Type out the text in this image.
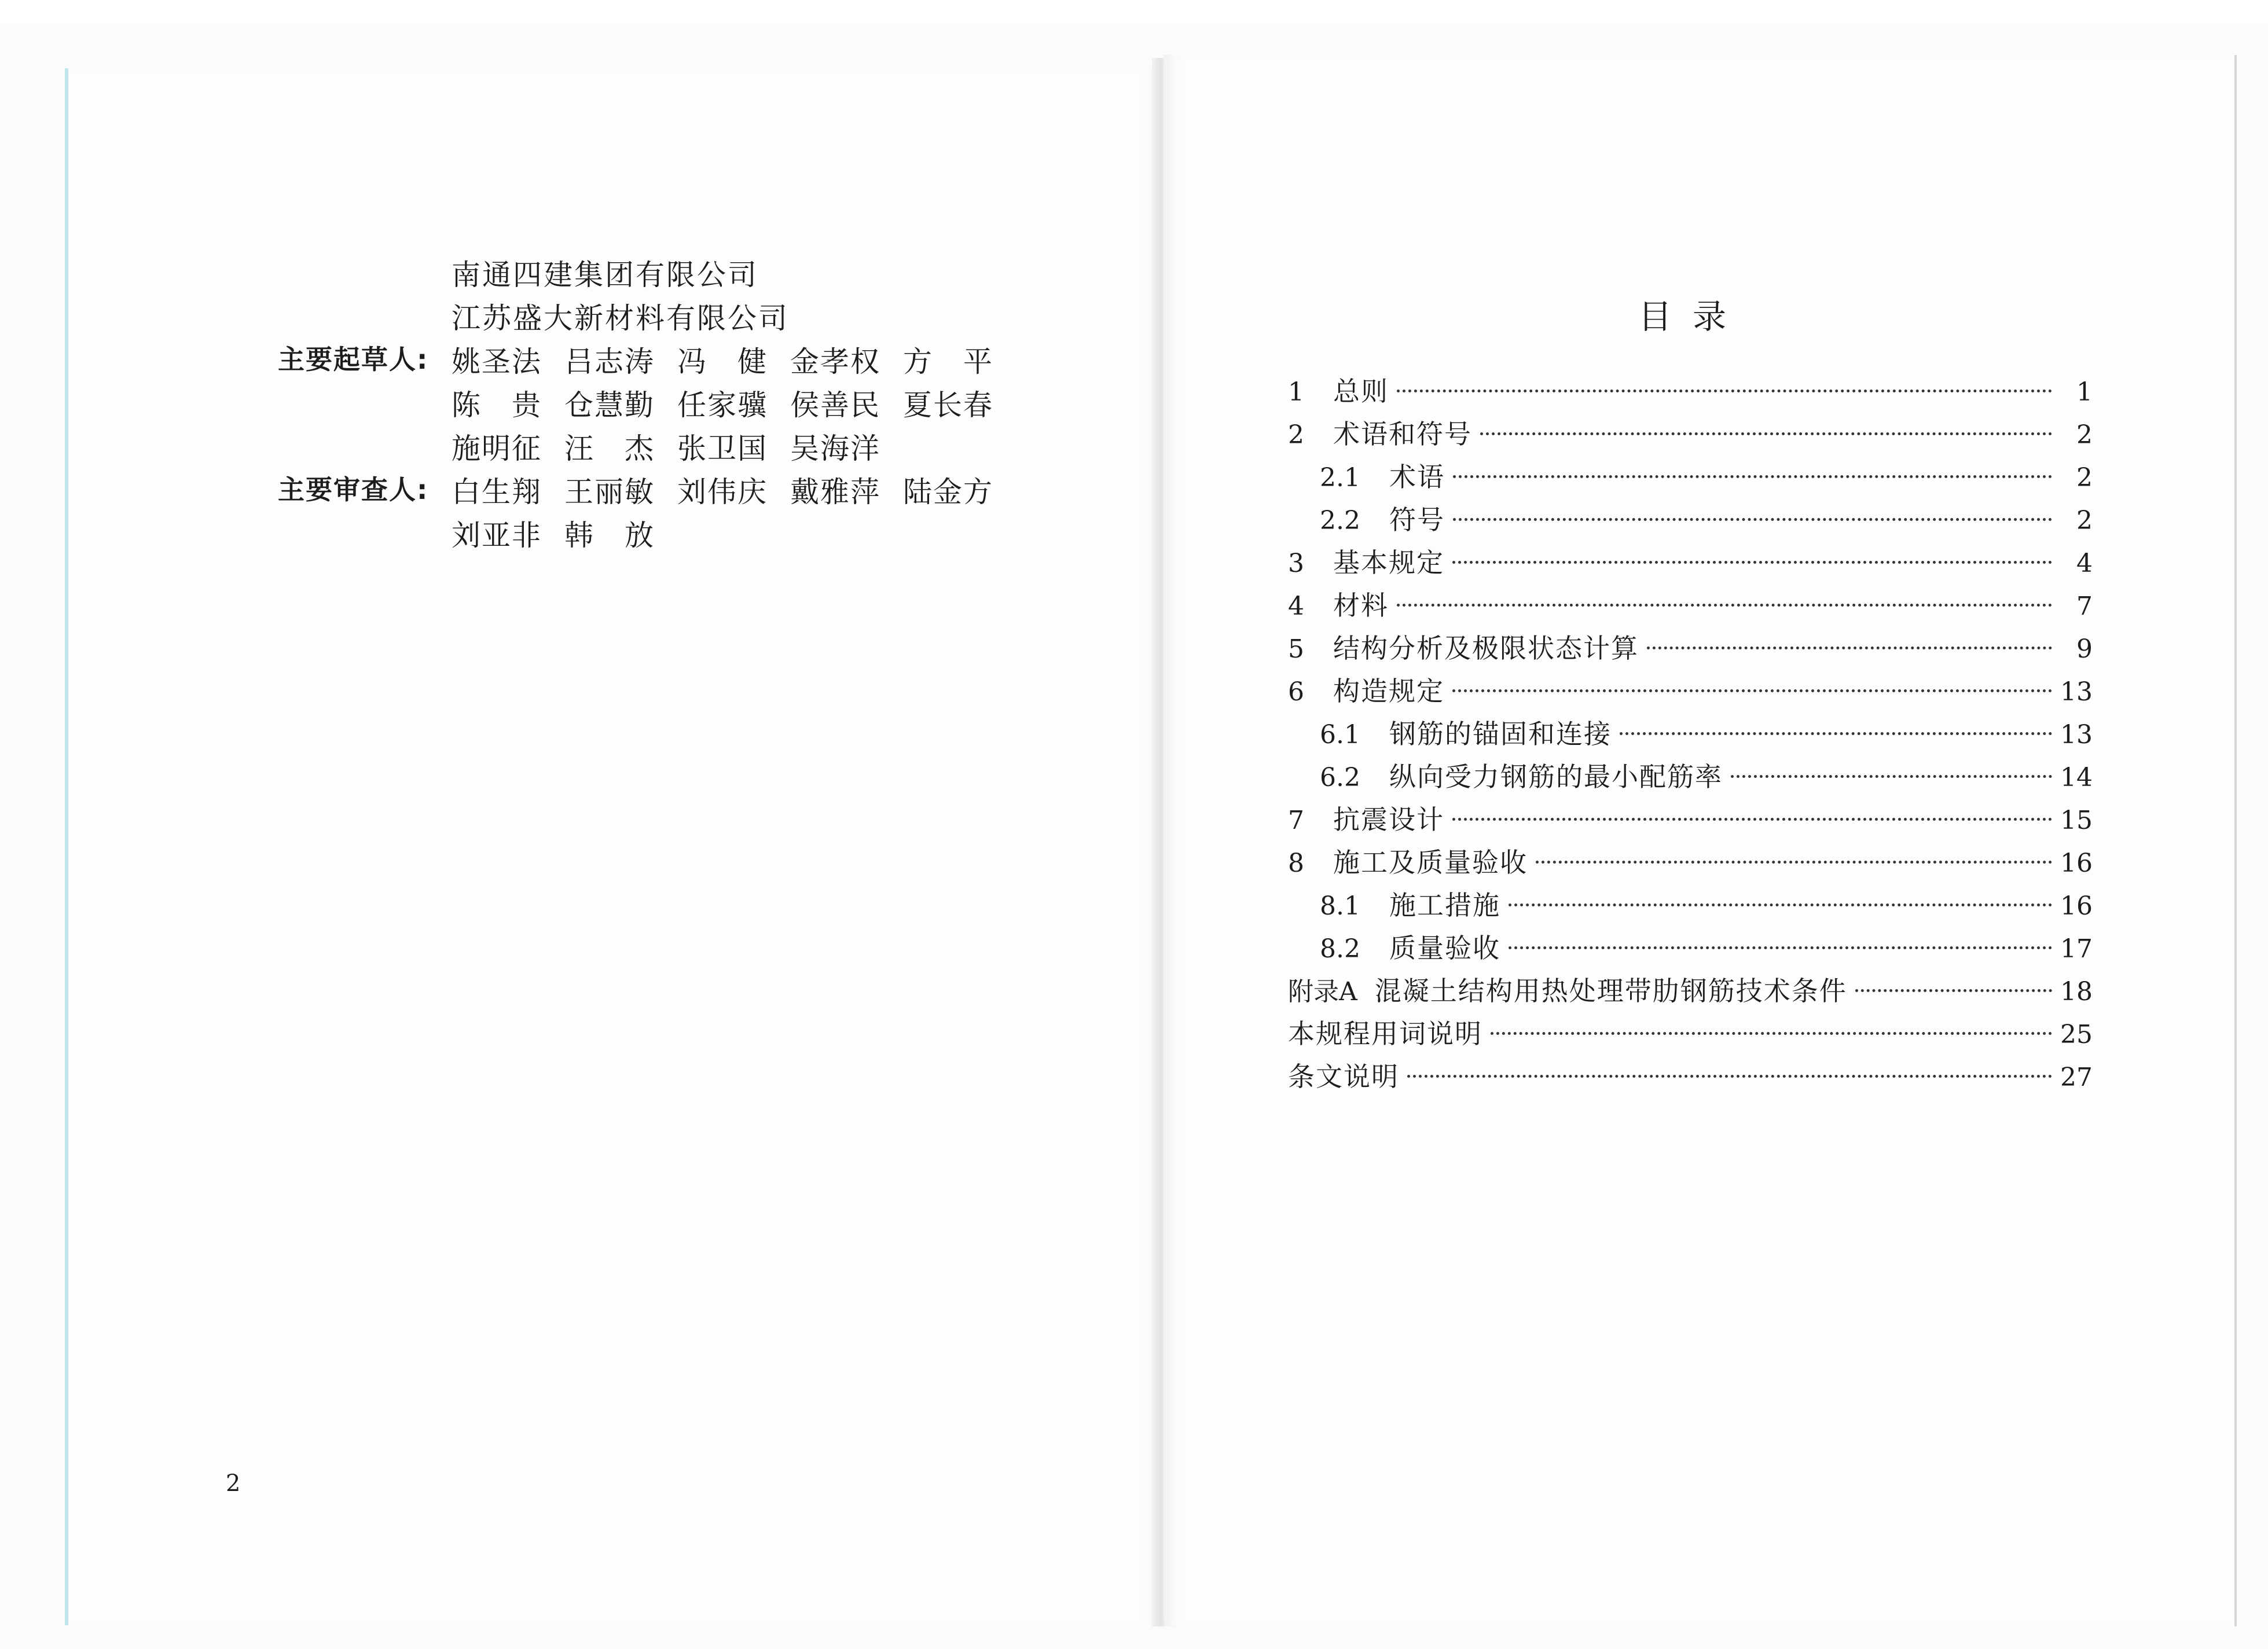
南通四建集团有限公司
江苏盛大新材料有限公司
主要起草人: 姚圣法 吕志涛 冯　健 金孝权 方　平
陈　贵 仓慧勤 任家骥 侯善民 夏长春
施明征 汪　杰 张卫国 吴海洋
主要审查人: 白生翔 王丽敏 刘伟庆 戴雅萍 陆金方
刘亚非 韩　放
2
目录
1	总则	1
2	术语和符号	2
2.1	术语	2
2.2	符号	2
3	基本规定	4
4	材料	7
5	结构分析及极限状态计算	9
6	构造规定	13
6.1	钢筋的锚固和连接	13
6.2	纵向受力钢筋的最小配筋率	14
7	抗震设计	15
8	施工及质量验收	16
8.1	施工措施	16
8.2	质量验收	17
附录A 混凝土结构用热处理带肋钢筋技术条件	18
本规程用词说明	25
条文说明	27
